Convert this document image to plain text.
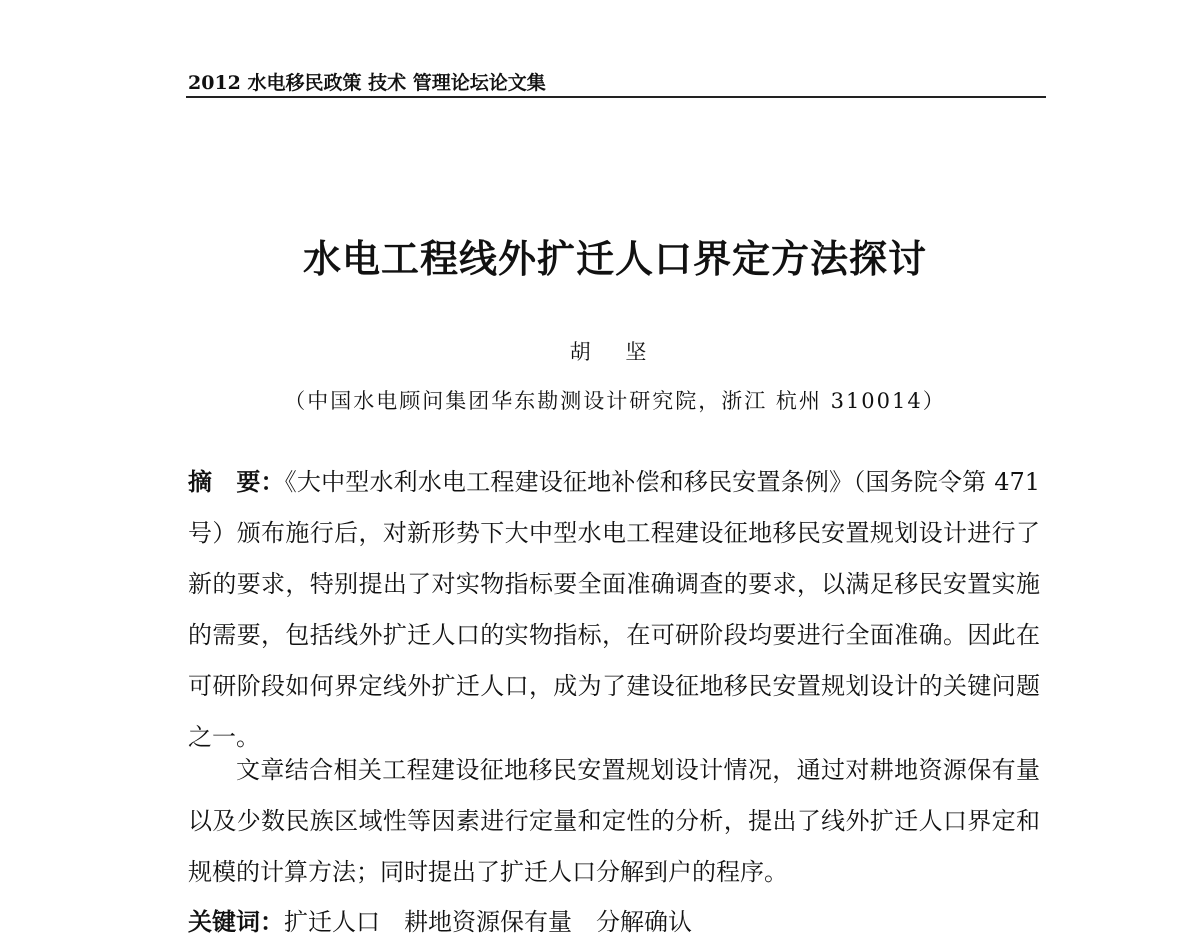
2012 水电移民政策 技术 管理论坛论文集
水电工程线外扩迁人口界定方法探讨
胡 坚
（中国水电顾问集团华东勘测设计研究院，浙江 杭州 310014）
摘　要：《大中型水利水电工程建设征地补偿和移民安置条例》（国务院令第 471 号）颁布施行后，对新形势下大中型水电工程建设征地移民安置规划设计进行了新的要求，特别提出了对实物指标要全面准确调查的要求，以满足移民安置实施的需要，包括线外扩迁人口的实物指标，在可研阶段均要进行全面准确。因此在可研阶段如何界定线外扩迁人口，成为了建设征地移民安置规划设计的关键问题之一。
文章结合相关工程建设征地移民安置规划设计情况，通过对耕地资源保有量以及少数民族区域性等因素进行定量和定性的分析，提出了线外扩迁人口界定和规模的计算方法；同时提出了扩迁人口分解到户的程序。
关键词：扩迁人口　耕地资源保有量　分解确认
